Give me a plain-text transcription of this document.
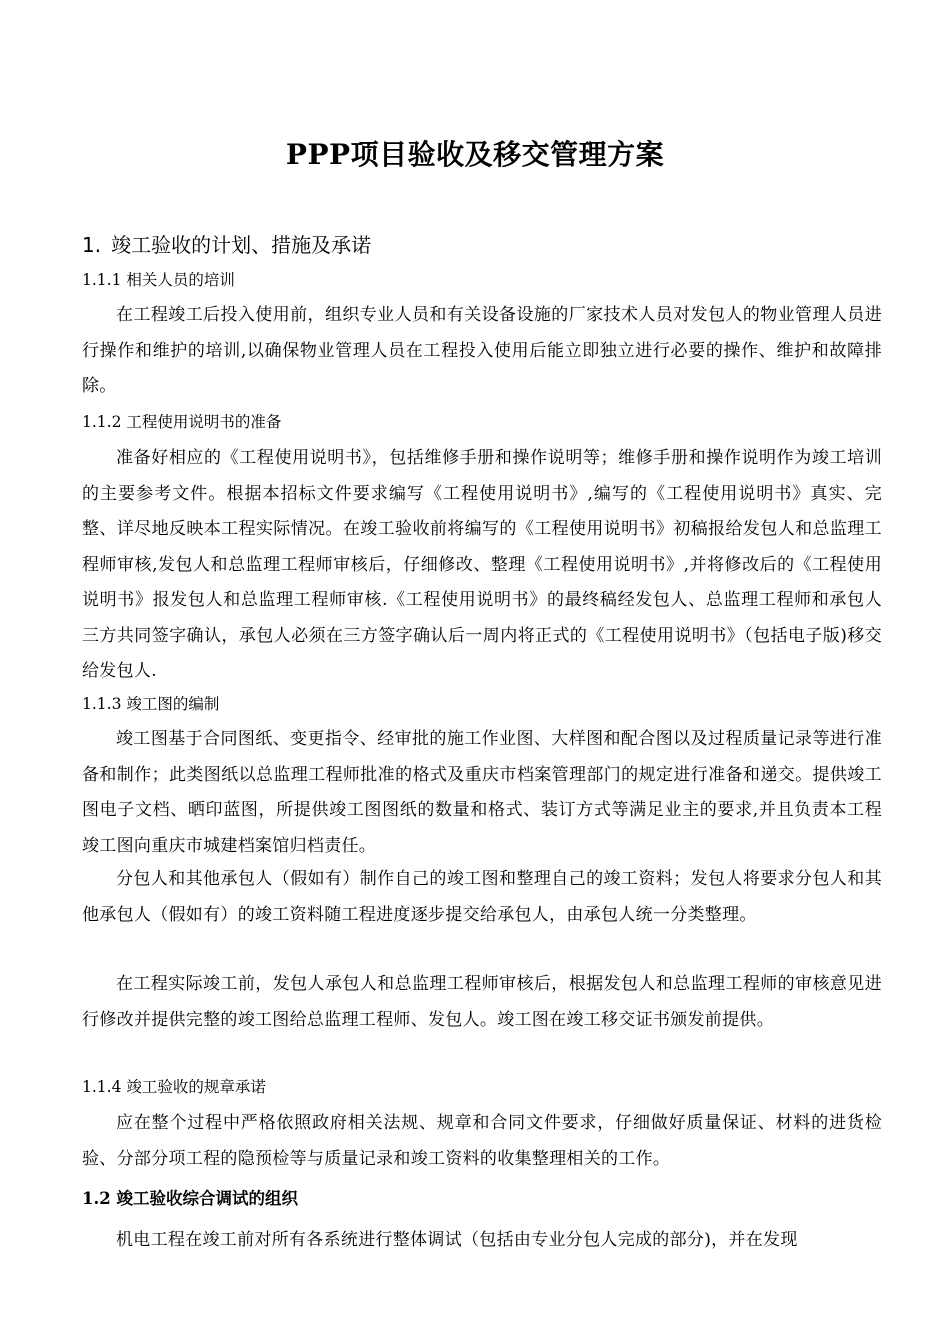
PPP项目验收及移交管理方案
1. 竣工验收的计划、措施及承诺
1.1.1 相关人员的培训

在工程竣工后投入使用前，组织专业人员和有关设备设施的厂家技术人员对发包人的物业管理人员进行操作和维护的培训,以确保物业管理人员在工程投入使用后能立即独立进行必要的操作、维护和故障排除。

1.1.2 工程使用说明书的准备

准备好相应的《工程使用说明书》，包括维修手册和操作说明等；维修手册和操作说明作为竣工培训的主要参考文件。根据本招标文件要求编写《工程使用说明书》,编写的《工程使用说明书》真实、完整、详尽地反映本工程实际情况。在竣工验收前将编写的《工程使用说明书》初稿报给发包人和总监理工程师审核,发包人和总监理工程师审核后，仔细修改、整理《工程使用说明书》,并将修改后的《工程使用说明书》报发包人和总监理工程师审核.《工程使用说明书》的最终稿经发包人、总监理工程师和承包人三方共同签字确认，承包人必须在三方签字确认后一周内将正式的《工程使用说明书》（包括电子版)移交给发包人.

1.1.3 竣工图的编制

竣工图基于合同图纸、变更指令、经审批的施工作业图、大样图和配合图以及过程质量记录等进行准备和制作；此类图纸以总监理工程师批准的格式及重庆市档案管理部门的规定进行准备和递交。提供竣工图电子文档、晒印蓝图，所提供竣工图图纸的数量和格式、装订方式等满足业主的要求,并且负责本工程竣工图向重庆市城建档案馆归档责任。

分包人和其他承包人（假如有）制作自己的竣工图和整理自己的竣工资料；发包人将要求分包人和其他承包人（假如有）的竣工资料随工程进度逐步提交给承包人，由承包人统一分类整理。

在工程实际竣工前，发包人承包人和总监理工程师审核后，根据发包人和总监理工程师的审核意见进行修改并提供完整的竣工图给总监理工程师、发包人。竣工图在竣工移交证书颁发前提供。

1.1.4 竣工验收的规章承诺

应在整个过程中严格依照政府相关法规、规章和合同文件要求，仔细做好质量保证、材料的进货检验、分部分项工程的隐预检等与质量记录和竣工资料的收集整理相关的工作。

1.2 竣工验收综合调试的组织

机电工程在竣工前对所有各系统进行整体调试（包括由专业分包人完成的部分)，并在发现
